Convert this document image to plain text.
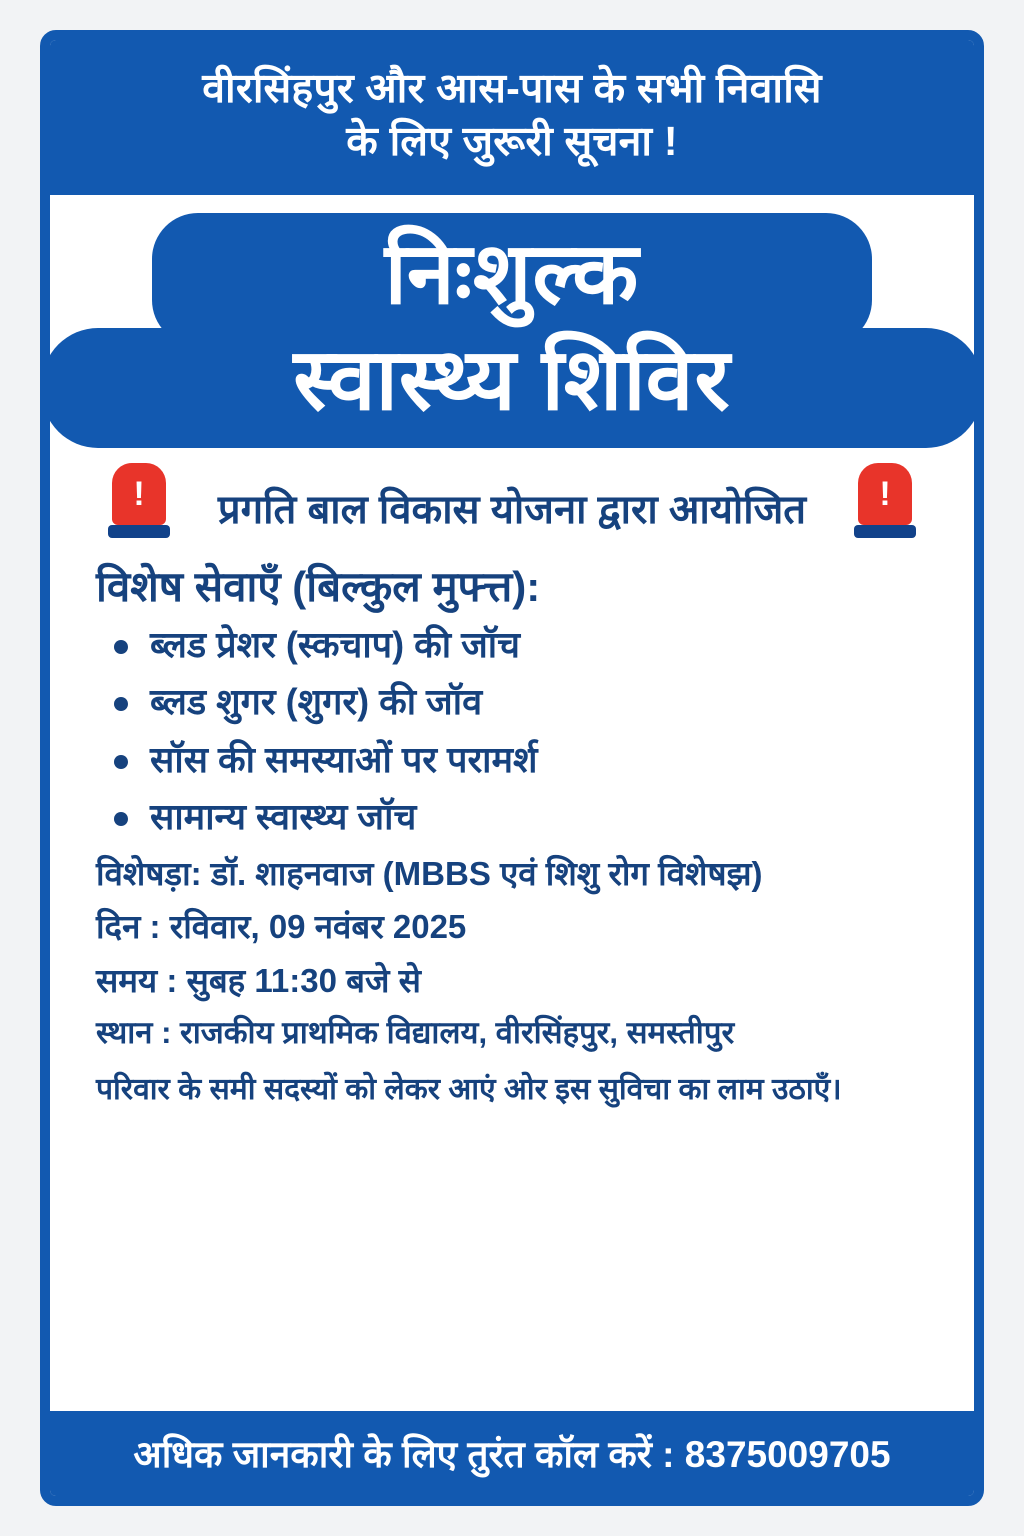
वीरसिंहपुर और आस-पास के सभी निवासि
के लिए जुरूरी सूचना !
!	!
निःशुल्क
स्वास्थ्य शिविर
प्रगति बाल विकास योजना द्वारा आयोजित
विशेष सेवाएँ (बिल्कुल मुफ्त्त):
ब्लड प्रेशर (स्कचाप) की जॉच
ब्लड शुगर (शुगर) की जॉव
सॉस की समस्याओं पर परामर्श
सामान्य स्वास्थ्य जॉच
विशेषड़ा: डॉ. शाहनवाज (MBBS एवं शिशु रोग विशेषझ)
दिन : रविवार, 09 नवंबर 2025
समय : सुबह 11:30 बजे से
स्थान : राजकीय प्राथमिक विद्यालय, वीरसिंहपुर, समस्तीपुर
परिवार के समी सदस्यों को लेकर आएं ओर इस सुविचा का लाम उठाएँ।
अधिक जानकारी के लिए तुरंत कॉल करें : 8375009705
